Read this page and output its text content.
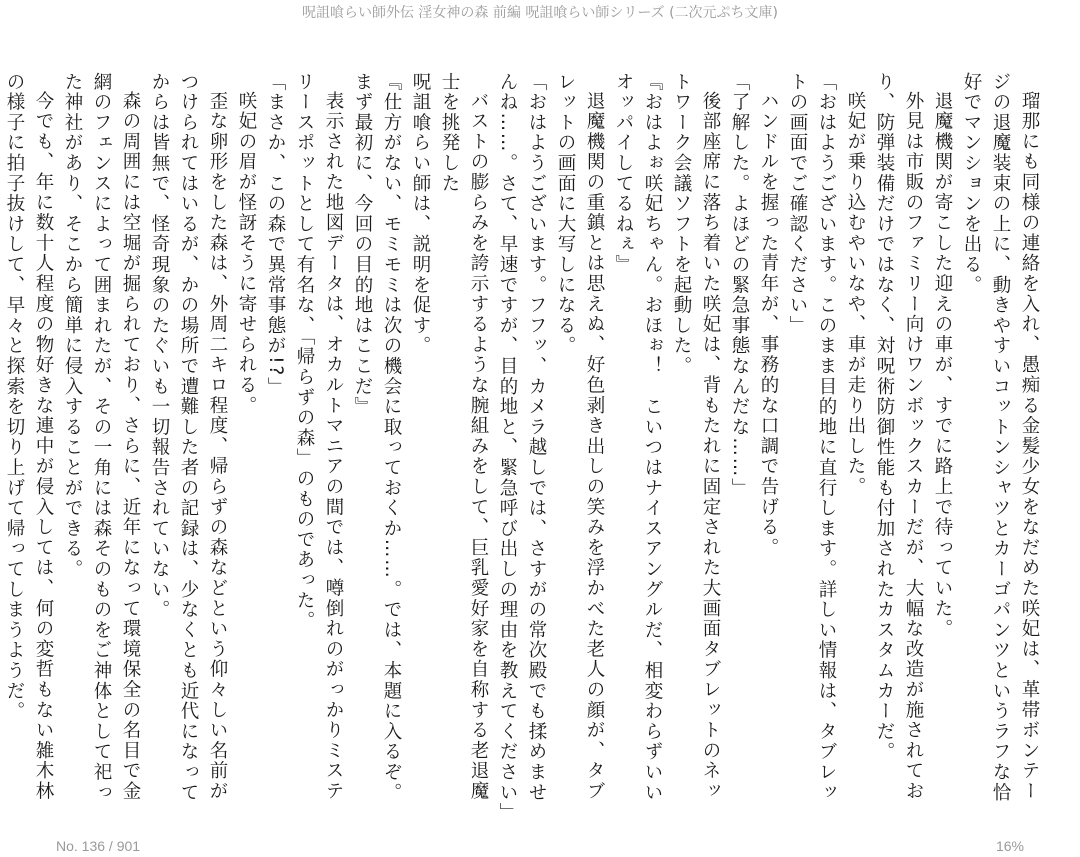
呪詛喰らい師外伝 淫女神の森 前編 呪詛喰らい師シリーズ (二次元ぷち文庫)

瑠那にも同様の連絡を入れ、愚痴る金髪少女をなだめた咲妃は、革帯ボンテージの退魔装束の上に、動きやすいコットンシャツとカーゴパンツというラフな恰好でマンションを出る。

退魔機関が寄こした迎えの車が、すでに路上で待っていた。

外見は市販のファミリー向けワンボックスカーだが、大幅な改造が施されており、防弾装備だけではなく、対呪術防御性能も付加されたカスタムカーだ。

咲妃が乗り込むやいなや、車が走り出した。

「おはようございます。このまま目的地に直行します。詳しい情報は、タブレットの画面でご確認ください」

ハンドルを握った青年が、事務的な口調で告げる。

「了解した。よほどの緊急事態なんだな……」

後部座席に落ち着いた咲妃は、背もたれに固定された大画面タブレットのネットワーク会議ソフトを起動した。

『おはよぉ咲妃ちゃん。おほぉ！　こいつはナイスアングルだ、相変わらずいいオッパイしてるねぇ』

退魔機関の重鎮とは思えぬ、好色剥き出しの笑みを浮かべた老人の顔が、タブレットの画面に大写しになる。

「おはようございます。フフッ、カメラ越しでは、さすがの常次殿でも揉めませんね……。さて、早速ですが、目的地と、緊急呼び出しの理由を教えてください」

バストの膨らみを誇示するような腕組みをして、巨乳愛好家を自称する老退魔士を挑発した

呪詛喰らい師は、説明を促す。

『仕方がない、モミモミは次の機会に取っておくか……。では、本題に入るぞ。まず最初に、今回の目的地はここだ』

表示された地図データは、オカルトマニアの間では、噂倒れのがっかりミステリースポットとして有名な、「帰らずの森」のものであった。

「まさか、この森で異常事態が!?」

咲妃の眉が怪訝そうに寄せられる。

歪な卵形をした森は、外周二キロ程度、帰らずの森などという仰々しい名前がつけられてはいるが、かの場所で遭難した者の記録は、少なくとも近代になってからは皆無で、怪奇現象のたぐいも一切報告されていない。

森の周囲には空堀が掘られており、さらに、近年になって環境保全の名目で金網のフェンスによって囲まれたが、その一角には森そのものをご神体として祀った神社があり、そこから簡単に侵入することができる。

今でも、年に数十人程度の物好きな連中が侵入しては、何の変哲もない雑木林の様子に拍子抜けして、早々と探索を切り上げて帰ってしまうようだ。

No. 136 / 901	16%
